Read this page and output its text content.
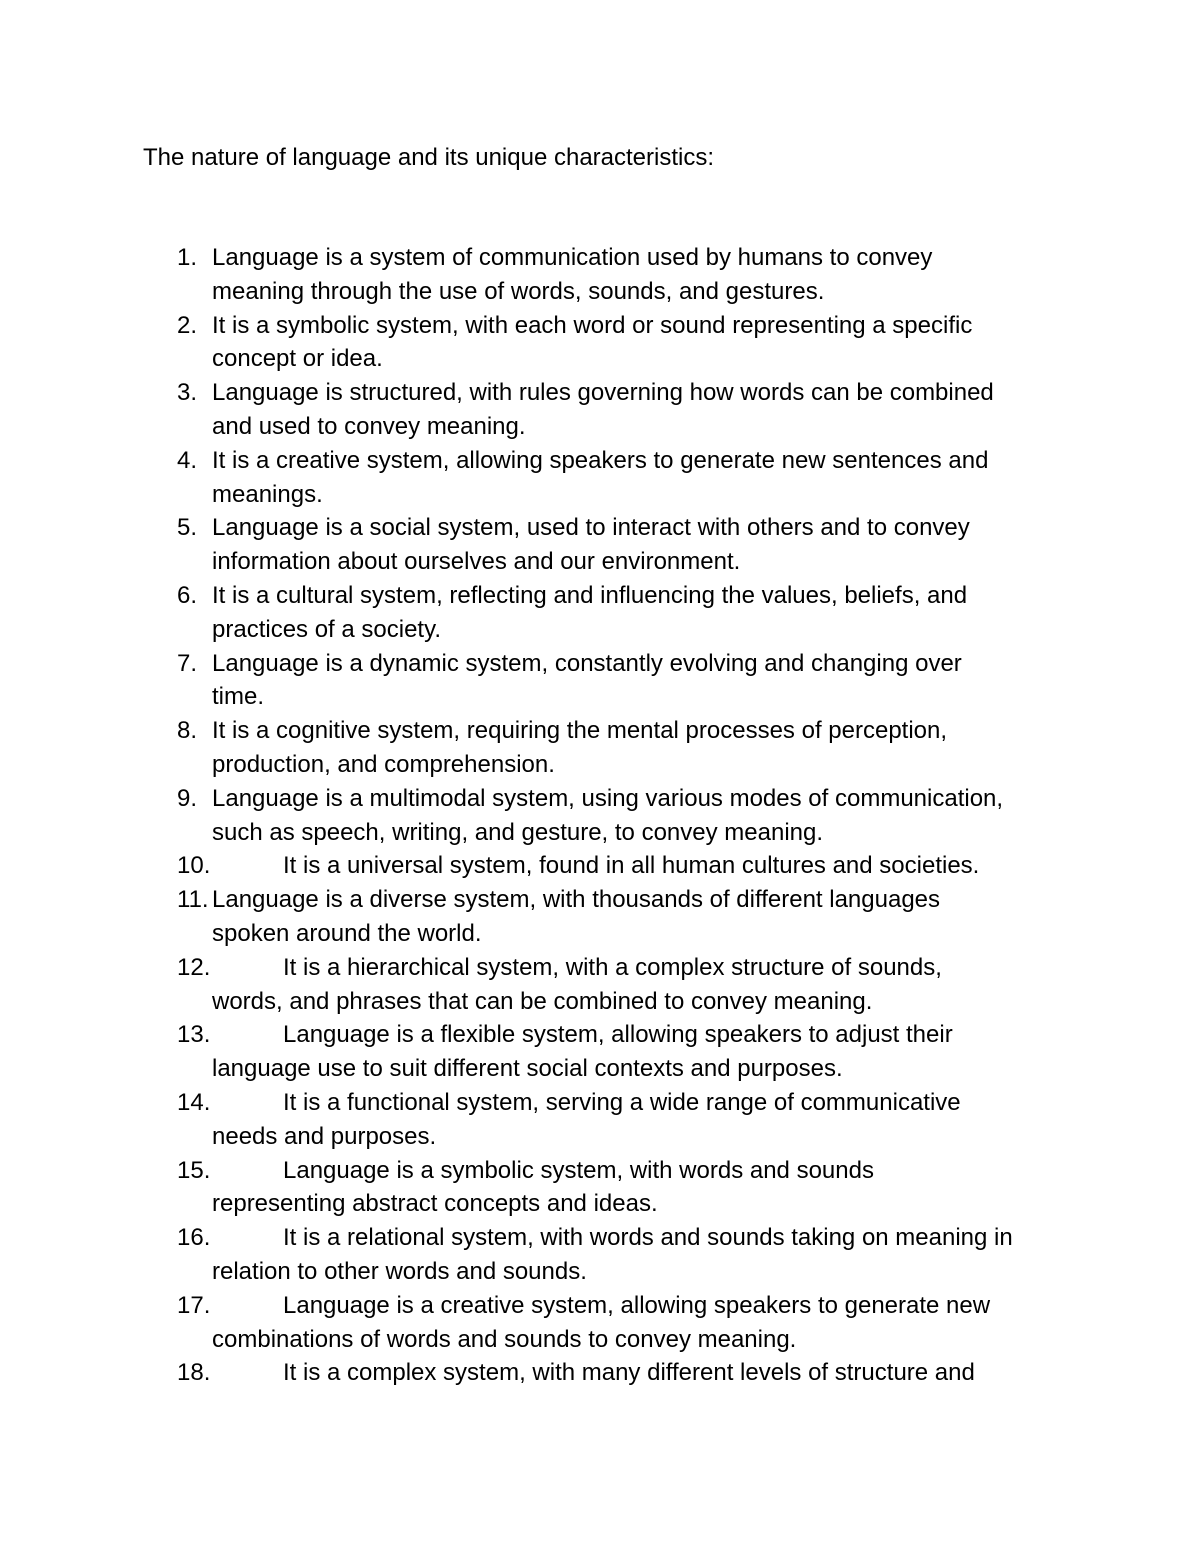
The nature of language and its unique characteristics:
1. Language is a system of communication used by humans to convey
meaning through the use of words, sounds, and gestures.
2. It is a symbolic system, with each word or sound representing a specific
concept or idea.
3. Language is structured, with rules governing how words can be combined
and used to convey meaning.
4. It is a creative system, allowing speakers to generate new sentences and
meanings.
5. Language is a social system, used to interact with others and to convey
information about ourselves and our environment.
6. It is a cultural system, reflecting and influencing the values, beliefs, and
practices of a society.
7. Language is a dynamic system, constantly evolving and changing over
time.
8. It is a cognitive system, requiring the mental processes of perception,
production, and comprehension.
9. Language is a multimodal system, using various modes of communication,
such as speech, writing, and gesture, to convey meaning.
10.	It is a universal system, found in all human cultures and societies.
11. Language is a diverse system, with thousands of different languages
spoken around the world.
12.	It is a hierarchical system, with a complex structure of sounds,
words, and phrases that can be combined to convey meaning.
13.	Language is a flexible system, allowing speakers to adjust their
language use to suit different social contexts and purposes.
14.	It is a functional system, serving a wide range of communicative
needs and purposes.
15.	Language is a symbolic system, with words and sounds
representing abstract concepts and ideas.
16.	It is a relational system, with words and sounds taking on meaning in
relation to other words and sounds.
17.	Language is a creative system, allowing speakers to generate new
combinations of words and sounds to convey meaning.
18.	It is a complex system, with many different levels of structure and
